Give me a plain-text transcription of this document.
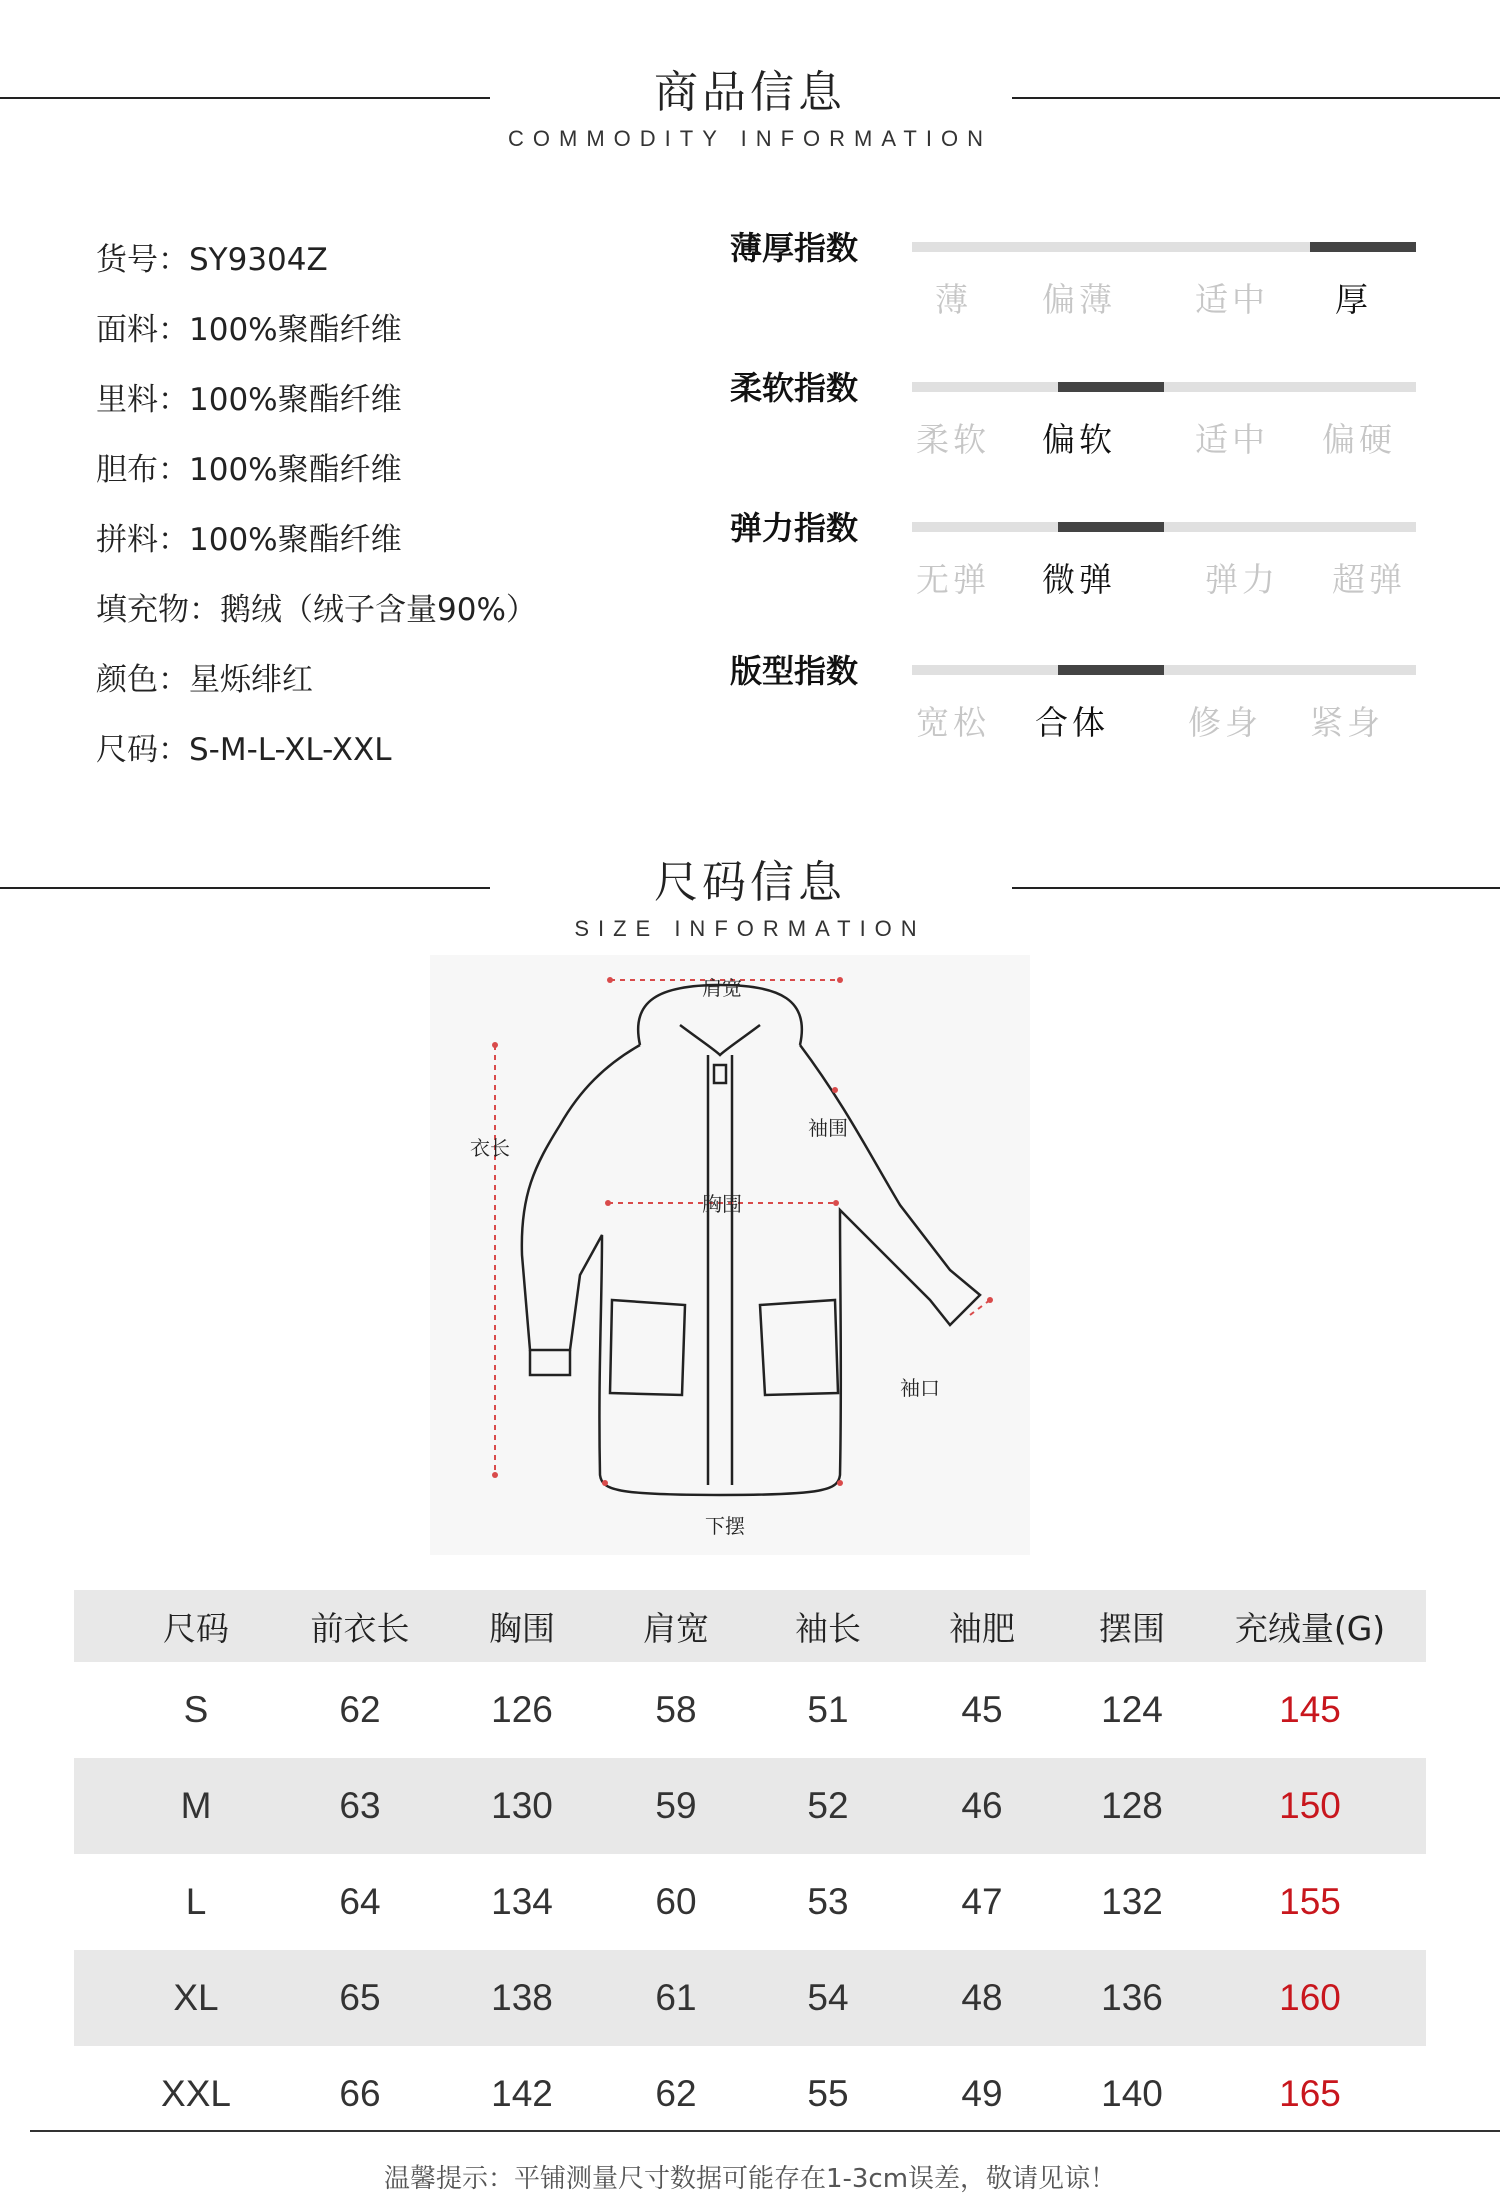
商品信息
COMMODITY INFORMATION
货号：SY9304Z
面料：100%聚酯纤维
里料：100%聚酯纤维
胆布：100%聚酯纤维
拼料：100%聚酯纤维
填充物：鹅绒（绒子含量90%）
颜色：星烁绯红
尺码：S-M-L-XL-XXL
薄厚指数
薄 偏薄 适中 厚
柔软指数
柔软 偏软 适中 偏硬
弹力指数
无弹 微弹	弹力 超弹
版型指数
宽松 合体 修身 紧身
尺码信息
SIZE INFORMATION
肩宽
衣长
袖围
胸围
袖口
下摆
尺码	前衣长	胸围	肩宽	袖长	袖肥	摆围	充绒量(G)
S	62	126	58	51	45	124	145
M	63	130	59	52	46	128	150
L	64	134	60	53	47	132	155
XL	65	138	61	54	48	136	160
XXL	66	142	62	55	49	140	165
温馨提示：平铺测量尺寸数据可能存在1-3cm误差，敬请见谅！
